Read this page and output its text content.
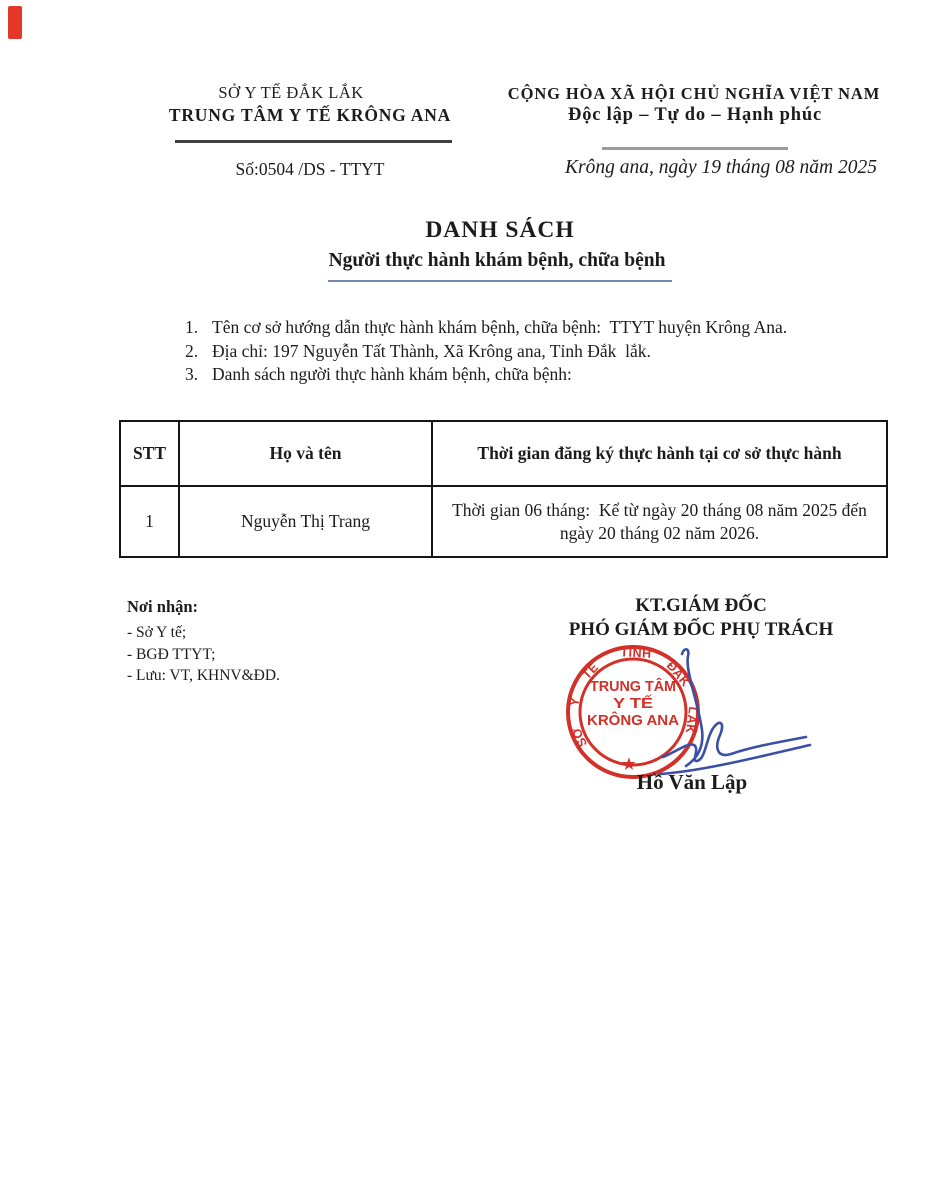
SỞ Y TẾ ĐẮK LẮK
TRUNG TÂM Y TẾ KRÔNG ANA
Số:0504 /DS - TTYT
CỘNG HÒA XÃ HỘI CHỦ NGHĨA VIỆT NAM
Độc lập – Tự do – Hạnh phúc
Krông ana, ngày 19 tháng 08 năm 2025
DANH SÁCH
Người thực hành khám bệnh, chữa bệnh
1. Tên cơ sở hướng dẫn thực hành khám bệnh, chữa bệnh:  TTYT huyện Krông Ana.
2. Địa chỉ: 197 Nguyễn Tất Thành, Xã Krông ana, Tỉnh Đắk  lắk.
3. Danh sách người thực hành khám bệnh, chữa bệnh:
STT	Họ và tên	Thời gian đăng ký thực hành tại cơ sở thực hành
1	Nguyễn Thị Trang	Thời gian 06 tháng:  Kể từ ngày 20 tháng 08 năm 2025 đến ngày 20 tháng 02 năm 2026.
Nơi nhận:
- Sở Y tế;
- BGĐ TTYT;
- Lưu: VT, KHNV&ĐD.
KT.GIÁM ĐỐC
PHÓ GIÁM ĐỐC PHỤ TRÁCH
SỞ
Y
TẾ
TỈNH
ĐẮK
LẮK
TRUNG TÂM
Y TẾ
KRÔNG ANA
★
Hồ Văn Lập
